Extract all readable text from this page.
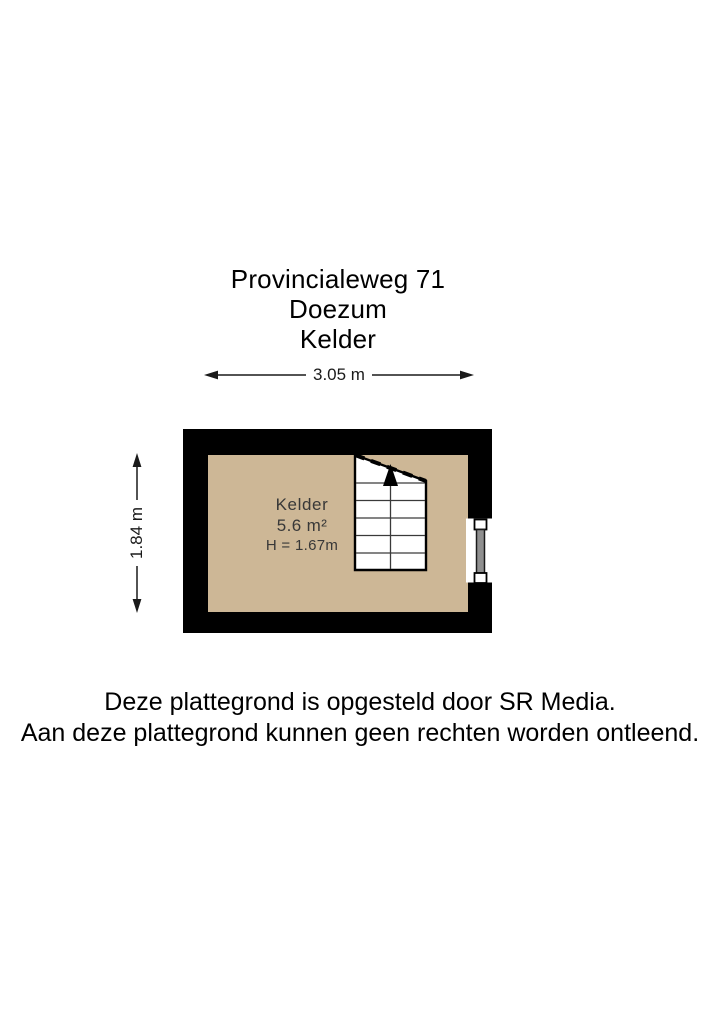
Provincialeweg 71
Doezum
Kelder
3.05 m
1.84 m
Kelder
5.6 m²
H = 1.67m
Deze plattegrond is opgesteld door SR Media.
Aan deze plattegrond kunnen geen rechten worden ontleend.
